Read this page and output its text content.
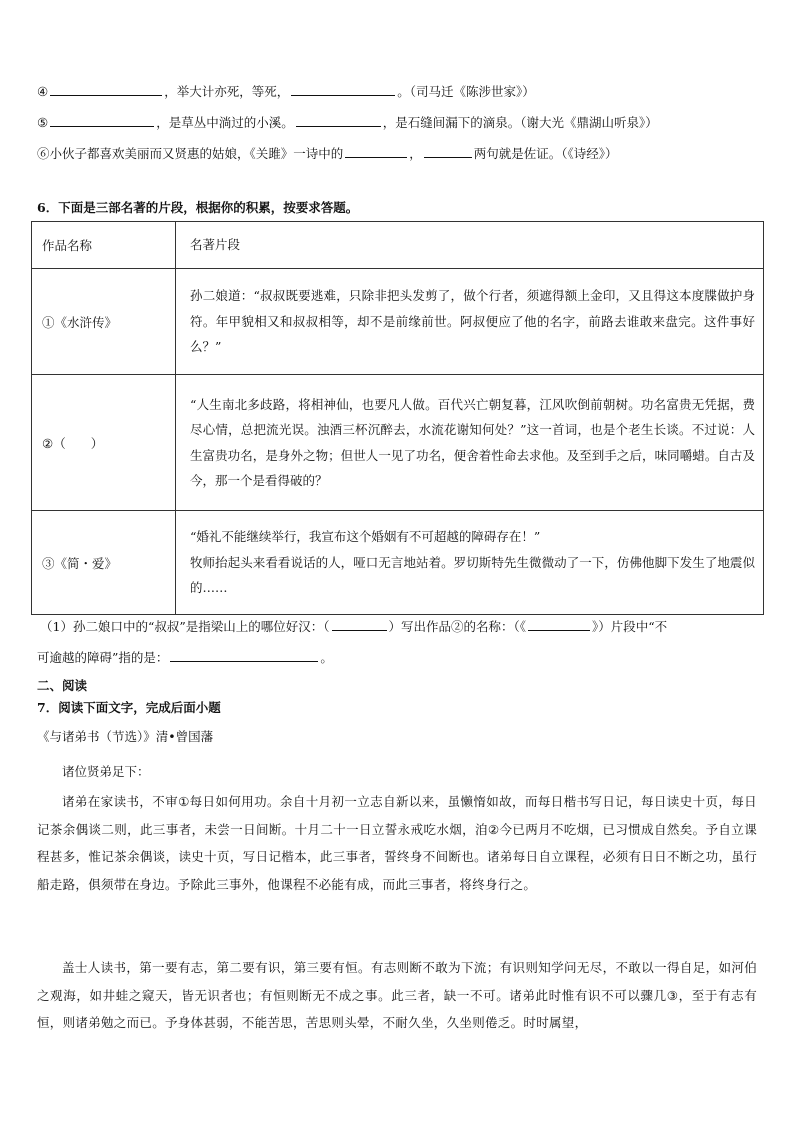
④	，举大计亦死，等死，	。（司马迁《陈涉世家》）
⑤	，是草丛中淌过的小溪。	，是石缝间漏下的滴泉。（谢大光《鼎湖山听泉》）
⑥小伙子都喜欢美丽而又贤惠的姑娘，《关雎》一诗中的	，	两句就是佐证。（《诗经》）
6．下面是三部名著的片段，根据你的积累，按要求答题。
作品名称	名著片段
①《水浒传》	孙二娘道：“叔叔既要逃难，只除非把头发剪了，做个行者，须遮得额上金印，又且得这本度牒做护身符。年甲貌相又和叔叔相等，却不是前缘前世。阿叔便应了他的名字，前路去谁敢来盘完。这件事好么？”
②（　　）	“人生南北多歧路，将相神仙，也要凡人做。百代兴亡朝复暮，江风吹倒前朝树。功名富贵无凭据，费尽心情，总把流光误。浊酒三杯沉醉去，水流花谢知何处？”这一首词，也是个老生长谈。不过说：人生富贵功名，是身外之物；但世人一见了功名，便舍着性命去求他。及至到手之后，味同嚼蜡。自古及今，那一个是看得破的？
③《简・爱》	“婚礼不能继续举行，我宣布这个婚姻有不可超越的障碍存在！”
牧师抬起头来看看说话的人，哑口无言地站着。罗切斯特先生微微动了一下，仿佛他脚下发生了地震似的……
（1）孙二娘口中的“叔叔”是指梁山上的哪位好汉：（	）写出作品②的名称：（《	》）片段中“不
可逾越的障碍”指的是：	。
二、阅读
7．阅读下面文字，完成后面小题
《与诸弟书（节选）》清•曾国藩
诸位贤弟足下：
诸弟在家读书，不审①每日如何用功。余自十月初一立志自新以来，虽懒惰如故，而每日楷书写日记，每日读史十页，每日记茶余偶谈二则，此三事者，未尝一日间断。十月二十一日立誓永戒吃水烟，洎②今已两月不吃烟，已习惯成自然矣。予自立课程甚多，惟记茶余偶谈，读史十页，写日记楷本，此三事者，誓终身不间断也。诸弟每日自立课程，必须有日日不断之功，虽行船走路，俱须带在身边。予除此三事外，他课程不必能有成，而此三事者，将终身行之。
盖士人读书，第一要有志，第二要有识，第三要有恒。有志则断不敢为下流；有识则知学问无尽，不敢以一得自足，如河伯之观海，如井蛙之窥天，皆无识者也；有恒则断无不成之事。此三者，缺一不可。诸弟此时惟有识不可以骤几③，至于有志有恒，则诸弟勉之而已。予身体甚弱，不能苦思，苦思则头晕，不耐久坐，久坐则倦乏。时时属望，
